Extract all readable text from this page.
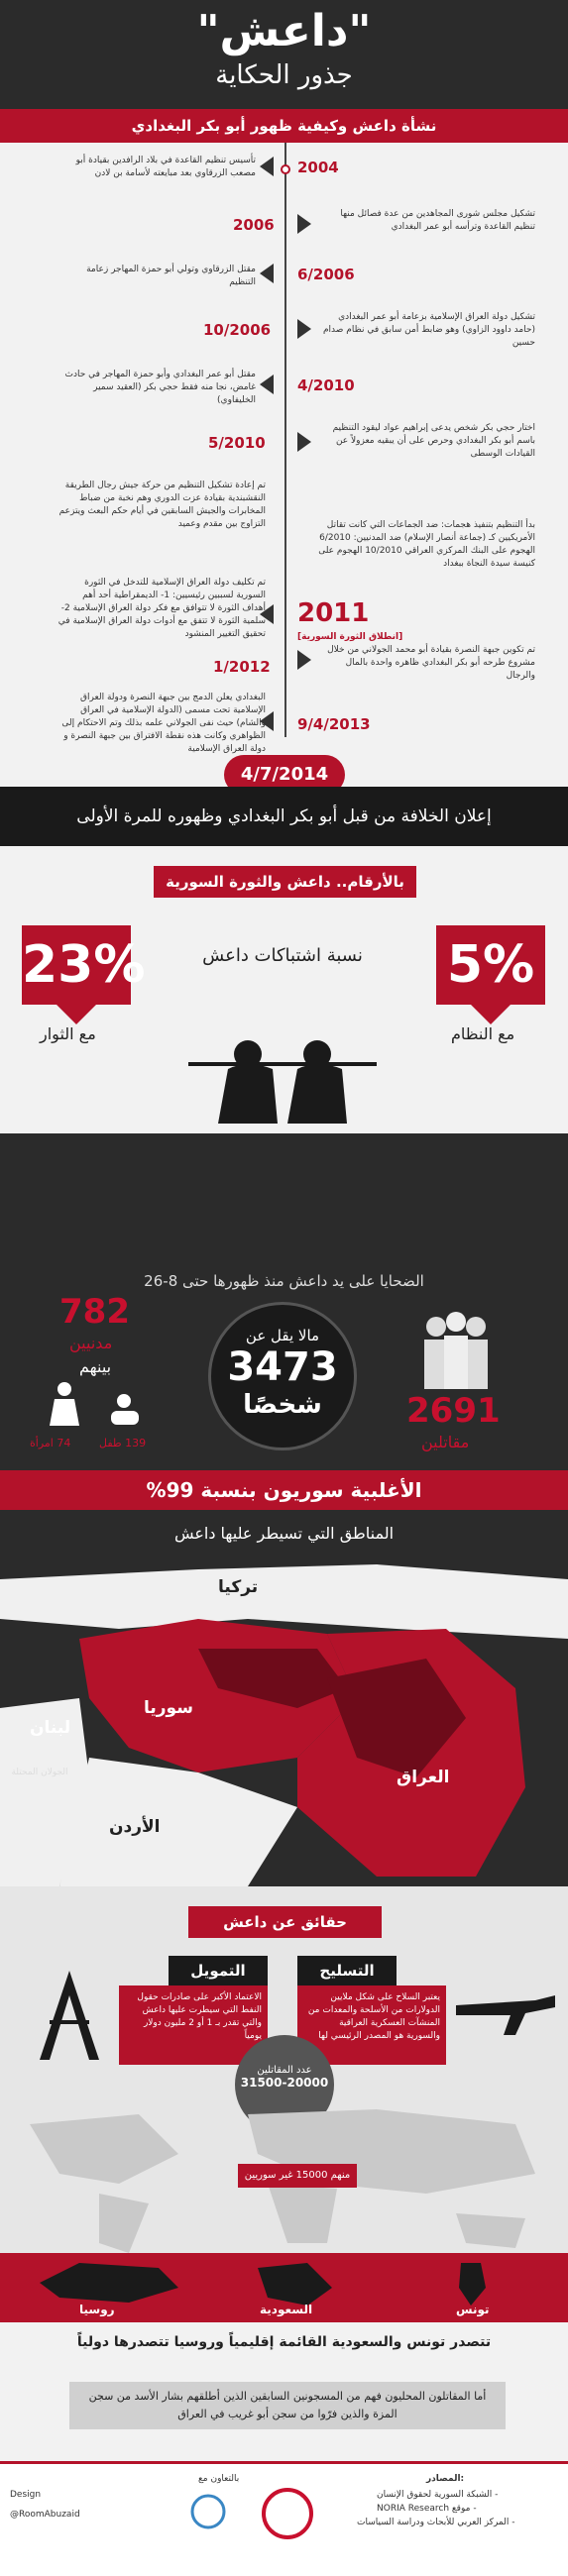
"داعش"
جذور الحكاية
نشأة داعش وكيفية ظهور أبو بكر البغدادي
2004
تأسيس تنظيم القاعدة في بلاد الرافدين بقيادة أبو مصعب الزرقاوي بعد مبايعته لأسامة بن لادن
2006
تشكيل مجلس شورى المجاهدين من عدة فصائل منها تنظيم القاعدة وترأسه أبو عمر البغدادي
6/2006
مقتل الزرقاوي وتولي أبو حمزة المهاجر زعامة التنظيم
10/2006
تشكيل دولة العراق الإسلامية بزعامة أبو عمر البغدادي (حامد داوود الزاوي) وهو ضابط أمن سابق في نظام صدام حسين
4/2010
مقتل أبو عمر البغدادي وأبو حمزة المهاجر في حادث غامض، نجا منه فقط حجي بكر (العقيد سمير الخليفاوي)
5/2010
اختار حجي بكر شخص يدعى إبراهيم عواد ليقود التنظيم باسم أبو بكر البغدادي وحرص على أن يبقيه معزولاً عن القيادات الوسطى
تم إعادة تشكيل التنظيم من حركة جيش رجال الطريقة النقشبندية بقيادة عزت الدوري وهم نخبة من ضباط المخابرات والجيش السابقين في أيام حكم البعث ويتزعم التزاوج بين مقدم وعميد	بدأ التنظيم بتنفيذ هجمات: ضد الجماعات التي كانت تقاتل الأمريكيين كـ (جماعة أنصار الإسلام) ضد المدنيين: 6/2010 الهجوم على البنك المركزي العراقي 10/2010 الهجوم على كنيسة سيدة النجاة ببغداد
2011
[انطلاق الثورة السورية]
تم تكليف دولة العراق الإسلامية للتدخل في الثورة السورية لسببين رئيسيين: 1- الديمقراطية أحد أهم أهداف الثورة لا تتوافق مع فكر دولة العراق الإسلامية 2- سلمية الثورة لا تتفق مع أدوات دولة العراق الإسلامية في تحقيق التغيير المنشود
1/2012
تم تكوين جبهة النصرة بقيادة أبو محمد الجولاني من خلال مشروع طرحه أبو بكر البغدادي ظاهره واحدة بالمال والرجال
9/4/2013
البغدادي يعلن الدمج بين جبهة النصرة ودولة العراق الإسلامية تحت مسمى (الدولة الإسلامية في العراق والشام) حيث نفى الجولاني علمه بذلك وتم الاحتكام إلى الظواهري وكانت هذه نقطة الافتراق بين جبهة النصرة و دولة العراق الإسلامية
4/7/2014
إعلان الخلافة من قبل أبو بكر البغدادي وظهوره للمرة الأولى
بالأرقام.. داعش والثورة السورية
5%
23%	نسبة اشتباكات داعش
مع النظام
مع الثوار
الضحايا على يد داعش منذ ظهورها حتى 8-26
مالا يقل عن
3473
شخصًا	2691
مقاتلين
782
مدنيين
بينهم
74 امرأة	139 طفل
الأغلبية سوريون بنسبة 99%
المناطق التي تسيطر عليها داعش
تركيا
سوريا
العراق
لبنان
الأردن
الجولان المحتلة
حقائق عن داعش
التسليح
يعتبر السلاح على شكل ملايين الدولارات من الأسلحة والمعدات من المنشآت العسكرية العراقية والسورية هو المصدر الرئيسي لها
التمويل
الاعتماد الأكبر على صادرات حقول النفط التي سيطرت عليها داعش والتي تقدر بـ 1 أو 2 مليون دولار يومياً
عدد المقاتلين
31500-20000
منهم 15000 غير سوريين
روسيا	السعودية	تونس
تتصدر تونس والسعودية القائمة إقليمياً وروسيا تتصدرها دولياً
أما المقاتلون المحليون فهم من المسجونين السابقين الذين أطلقهم بشار الأسد من سجن المزة والذين فرّوا من سجن أبو غريب في العراق
Design
@RoomAbuzaid
بالتعاون مع	:المصادر
- الشبكة السورية لحقوق الإنسان
- موقع NORIA Research
- المركز العربي للأبحاث ودراسة السياسات
